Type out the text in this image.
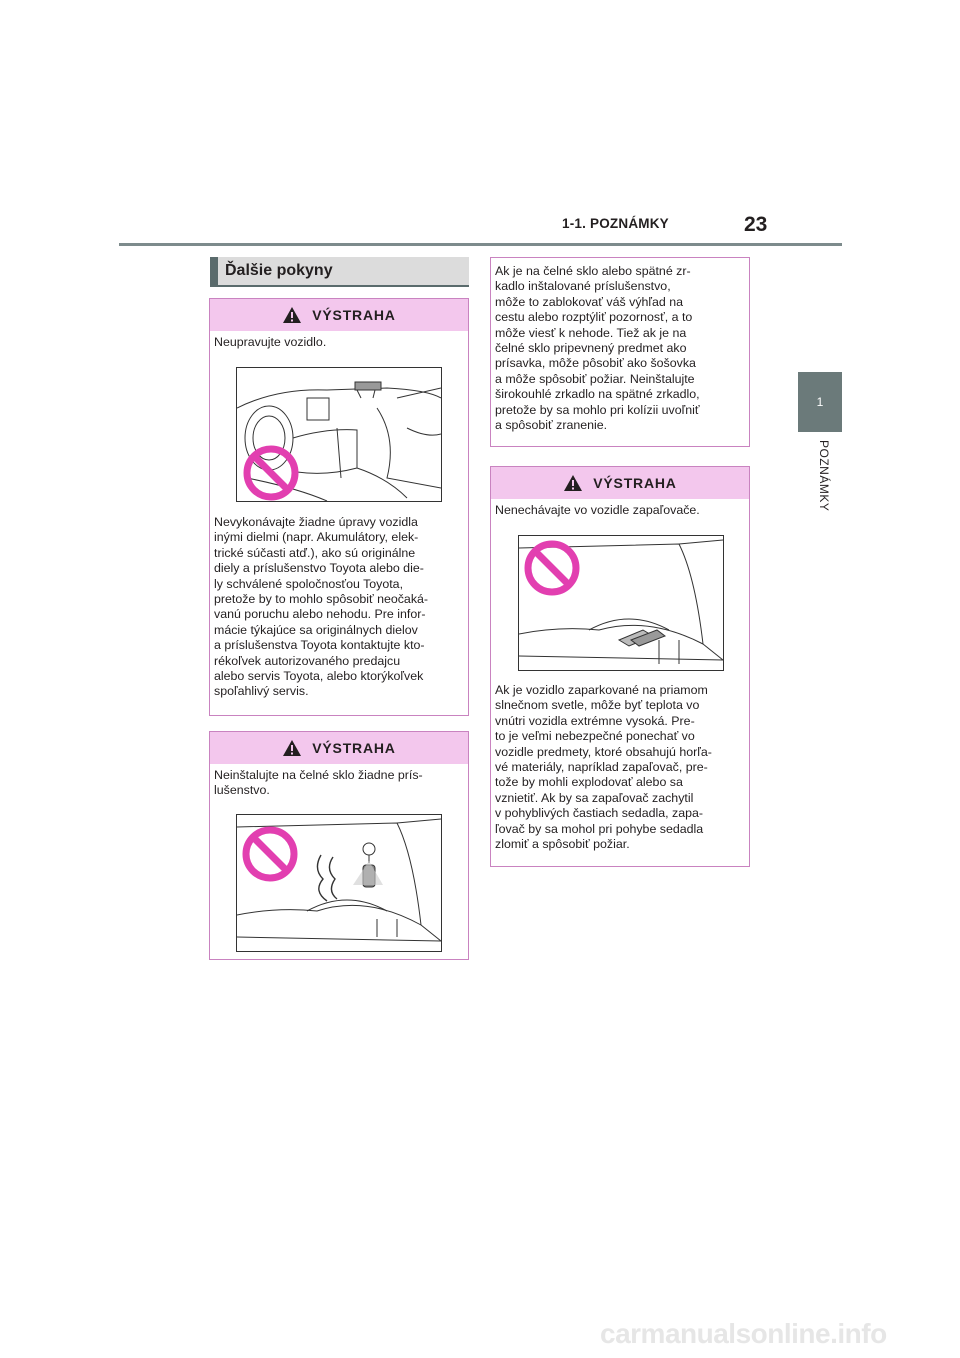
1-1. POZNÁMKY	23
1
POZNÁMKY
Ďalšie pokyny
VÝSTRAHA
Neupravujte vozidlo.
Nevykonávajte žiadne úpravy vozidla
inými dielmi (napr. Akumulátory, elek-
trické súčasti atď.), ako sú originálne
diely a príslušenstvo Toyota alebo die-
ly schválené spoločnosťou Toyota,
pretože by to mohlo spôsobiť neočaká-
vanú poruchu alebo nehodu. Pre infor-
mácie týkajúce sa originálnych dielov
a príslušenstva Toyota kontaktujte kto-
rékoľvek autorizovaného predajcu
alebo servis Toyota, alebo ktorýkoľvek
spoľahlivý servis.
VÝSTRAHA
Neinštalujte na čelné sklo žiadne prís-
lušenstvo.
Ak je na čelné sklo alebo spätné zr-
kadlo inštalované príslušenstvo,
môže to zablokovať váš výhľad na
cestu alebo rozptýliť pozornosť, a to
môže viesť k nehode. Tiež ak je na
čelné sklo pripevnený predmet ako
prísavka, môže pôsobiť ako šošovka
a môže spôsobiť požiar. Neinštalujte
širokouhlé zrkadlo na spätné zrkadlo,
pretože by sa mohlo pri kolízii uvoľniť
a spôsobiť zranenie.
VÝSTRAHA
Nenechávajte vo vozidle zapaľovače.
Ak je vozidlo zaparkované na priamom
slnečnom svetle, môže byť teplota vo
vnútri vozidla extrémne vysoká. Pre-
to je veľmi nebezpečné ponechať vo
vozidle predmety, ktoré obsahujú horľa-
vé materiály, napríklad zapaľovač, pre-
tože by mohli explodovať alebo sa
vznietiť. Ak by sa zapaľovač zachytil
v pohyblivých častiach sedadla, zapa-
ľovač by sa mohol pri pohybe sedadla
zlomiť a spôsobiť požiar.
carmanualsonline.info
